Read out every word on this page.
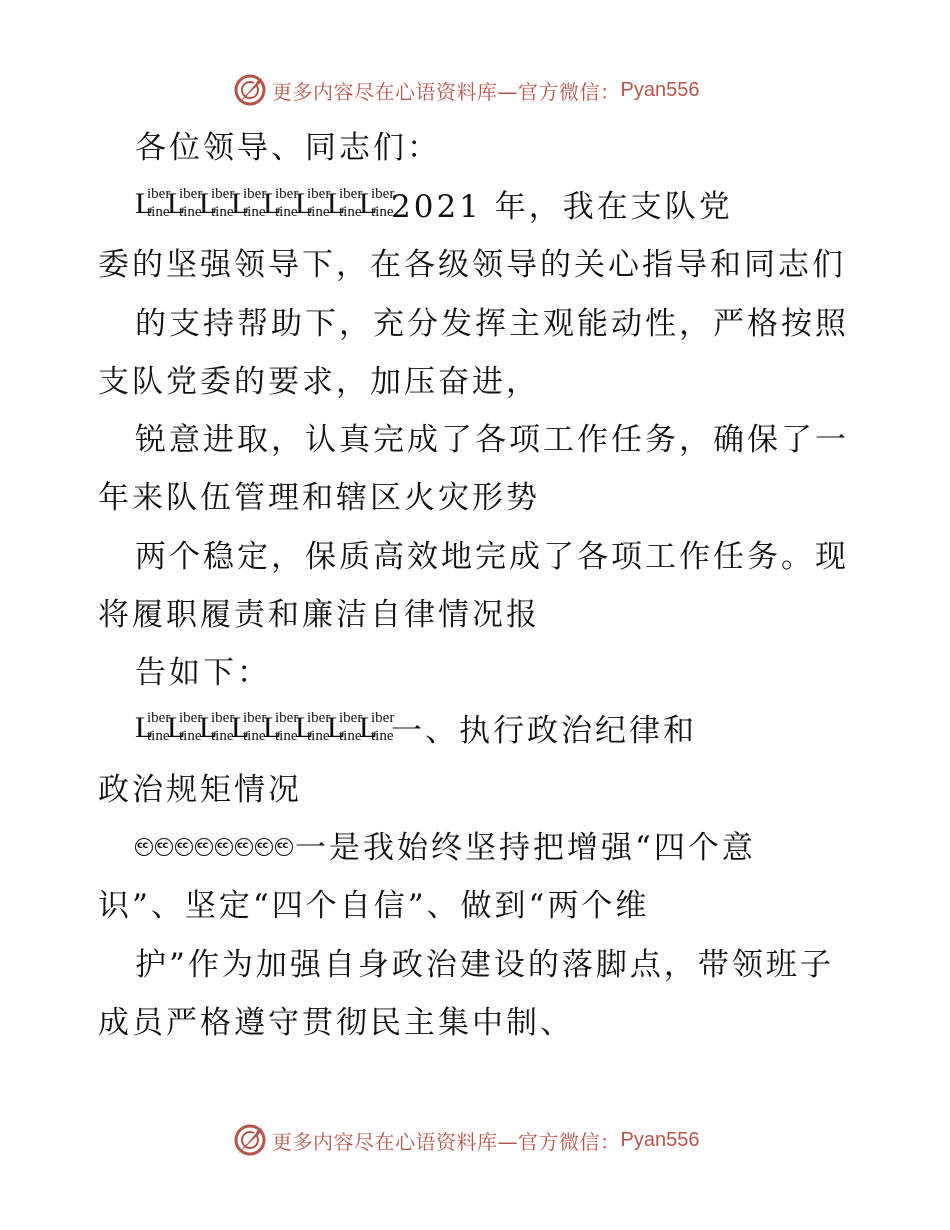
更多内容尽在心语资料库—官方微信： Pyan556
各位领导、同志们：
L
iber
tine
L
iber
tine
L
iber
tine
L
iber
tine
L
iber
tine
L
iber
tine
L
iber
tine
L
iber
tine
2021 年，我在支队党
委的坚强领导下，在各级领导的关心指导和同志们
的支持帮助下，充分发挥主观能动性，严格按照
支队党委的要求，加压奋进，
锐意进取，认真完成了各项工作任务，确保了一
年来队伍管理和辖区火灾形势
两个稳定，保质高效地完成了各项工作任务。现
将履职履责和廉洁自律情况报
告如下：
L
iber
tine
L
iber
tine
L
iber
tine
L
iber
tine
L
iber
tine
L
iber
tine
L
iber
tine
L
iber
tine
一、执行政治纪律和
政治规矩情况
cccccccccccccccc一是我始终坚持把增强“四个意
识”、坚定“四个自信”、做到“两个维
护”作为加强自身政治建设的落脚点，带领班子
成员严格遵守贯彻民主集中制、
更多内容尽在心语资料库—官方微信： Pyan556
